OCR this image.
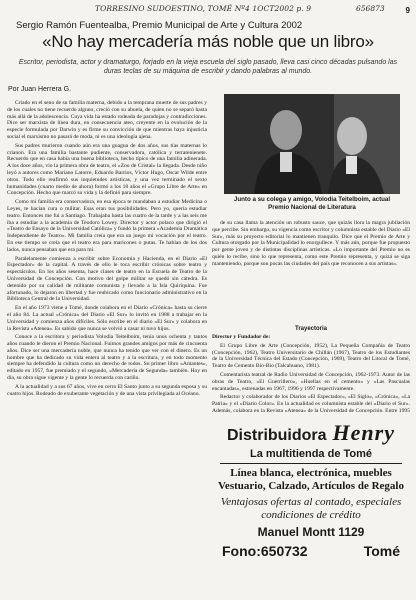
TORRESINO SUDOESTINO, TOMÉ Nº4 1OCT2002 p. 9	656873	9
Sergio Ramón Fuentealba, Premio Municipal de Arte y Cultura 2002
«No hay mercadería más noble que un libro»
Escritor, periodista, actor y dramaturgo, forjado en la vieja escuela del siglo pasado, lleva casi cinco décadas pulsando las duras teclas de su máquina de escribir y dando palabras al mundo.
Por Juan Herrera G.

Criado en el seno de su familia materna, debido a la temprana muerte de sus padres y de los cuales no tiene recuerdo alguno, creció con su abuela, de quien no se separó hasta más allá de la adolescencia. Cuya vida ha estado rodeada de paradojas y contradicciones. Dice ser marxista de línea dura, en consecuencia ateo, creyente en la evolución de la especie formulada por Darwin y es firme su convicción de que mientras haya injusticia social el marxismo no pasará de moda, ni es una ideología ajena.

Sus padres murieron cuando aún era una guagua de dos años, sus tías maternas lo crianon. Era una familia bastante pudiente, conservadora, católica y terratenienete. Recuerdo que en casa había una buena biblioteca, hecho típico de una familia adinerada. A los doce años, vio la primera obra de teatro, el «Zoo de Cristal» la llegada. Desde niño leyó a autores como Mariano Latorre, Eduardo Barrios, Víctor Hugo, Oscar Wilde entre otros. Todo ello reafirmó sus inquietudes artísticas, y una vez terminado el sexto humanidades (cuarto medio de ahora) formó a los 18 años el «Grupo Libre de Arte» en Concepción. Hecho que marcó su vida y la definió para siempre.

Como mi familia era conservadora, en esa época te mandaban a estudiar Medicina o Leyes, te hacían cura o militar. Esas eran tus posibilidades. Pero yo, quería estudiar teatro. Entonces me fui a Santiago. Trabajaba hasta las cuatro de la tarde y a las seis me iba a estudiar a la academia de Teodoro Lowey. Director y actor polaco que dirigió el «Teatro de Ensayo de la Universidad Católica» y fundó la primera «Academia Dramática Independiente de Teatro». Mi familia creía que era un juego mi vocación por el teatro. En ese tiempo se creía que el teatro era para maricones o putas. Te habían de los dos lados, nunca pensaban que era para mí.

Paralelamente comienza a escribir sobre Economía y Hacienda, en el Diario «El Espectador» de la capital. A través de ello le toca escribir crónicas sobre teatro y espectáculos. En los años sesenta, hace clases de teatro en la Escuela de Teatro de la Universidad de Concepción. Con motivo del golpe militar se quedó sin cátedra. Es detenido por su calidad de militante comunista y llevado a la Isla Quiriquina. Fue afortunado, lo dejaron en libertad y fue reubicado como funcionario administrativo en la Biblioteca Central de la Universidad.

En el año 1973 viene a Tomé, donde colabora en el Diario «Crónica» hasta su cierre el año 84. La actual «Crónica» del Diario «El Sur» lo invitó en 1988 a trabajar en la Universidad y comienza años difíciles. Sólo escribe en el diario «El Sur» y colabora en la Revista «Atenea». Es sabido que nunca se volvió a casar ni tuvo hijos.

Conoce a la escritora y periodista Volodia Teitelboim, tenía unos ochenta y tantos años cuando le dieron el Premio Nacional. Fuimos grandes amigos por más de cincuenta años. Dice ser una mercadería noble, que nunca ha tenido que ver con el dinero. Es un hombre que ha dedicado su vida entera al teatro y a la escritura, y en todo momento siempre ha defendido la cultura como un derecho de todos. Su primer libro «Amantes», editado en 1957, fue premiado y el segundo, «Mercadería de Segunda» también. Hoy en día, su obra sigue vigente y la gente lo recuerda con cariño.

A la actualidad y a sus 67 años, vive en cerro El Santo junto a su segunda esposa y su cuatro hijos. Rodeado de exuberante vegetación y de una vista privilegiada al Océano.

Junto a su colega y amigo, Volodia Teitelboim, actual Premio Nacional de Literatura

de su casa llama la atención un robusto sauce, que quizás llora la magra jubilación que percibe. Sin embargo, su vigencia como escritor y columnista estable del Diario «El Sur», más su proyecto editorial lo mantienen tranquilo. Dice que el Premio de Arte y Cultura otorgado por la Municipalidad lo enorgullece. Y más aún, porque fue propuesto por gente joven y de distintas disciplinas artísticas. «Lo importante del Premio no es quién lo recibe, sino lo que representa, como este Premio representa, y quizá se siga manteniendo, porque son pocas las ciudades del país que reconocen a sus artistas».

Trayectoria

Director y Fundador de:

El Grupo Libre de Arte (Concepción, 1952), La Pequeña Compañía de Teatro (Concepción, 1962), Teatro Universitario de Chillán (1967), Teatro de los Estudiantes de la Universidad Técnica del Estado (Concepción, 1969), Teatro del Litoral de Tomé, Teatro de Cemento Bío-Bío (Talcahuano, 1981).

Comentarista teatral de Radio Universidad de Concepción, 1962-1973. Autor de las obras de Teatro, «El Guerrillero», «Huellas en el cemento» y «Las Pascualas encantadas», estrenadas en 1967, 1996 y 1997 respectivamente.

Redactor y colaborador de los Diarios «El Espectador», «El Siglo», «Crónica», «La Patria» y el «Diario Color». En la actualidad es columnista estable del «Diario el Sur». Además, colabora en la Revista «Atenea» de la Universidad de Concepción. Entre 1995

Distribuidora Henry
La multitienda de Tomé
Línea blanca, electrónica, muebles
Vestuario, Calzado, Artículos de Regalo
Ventajosas ofertas al contado, especiales condiciones de crédito
Manuel Montt 1129
Fono:650732	Tomé
